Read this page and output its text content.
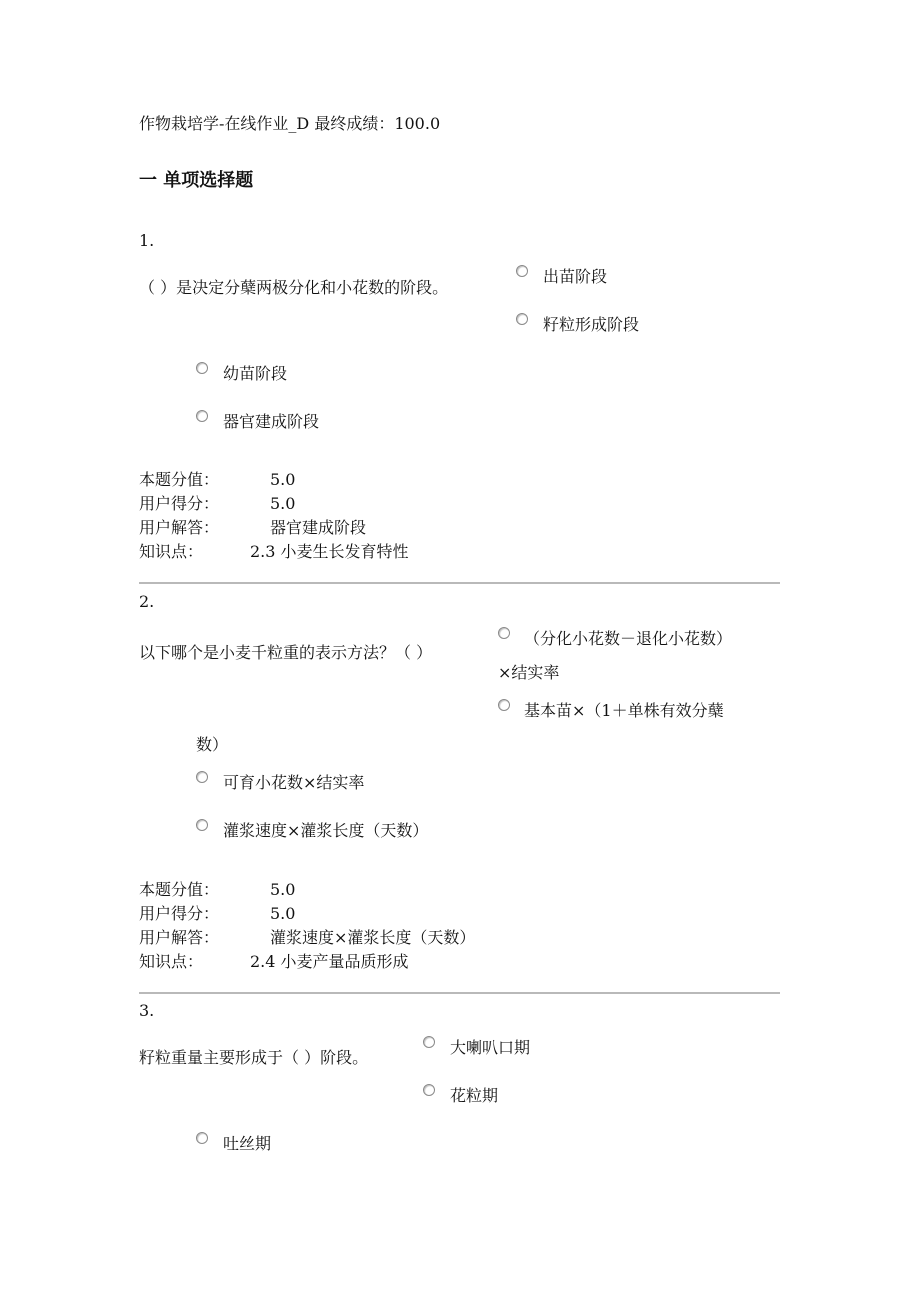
作物栽培学-在线作业_D 最终成绩：100.0
一 单项选择题
1.
（ ）是决定分蘖两极分化和小花数的阶段。
出苗阶段
籽粒形成阶段
幼苗阶段
器官建成阶段
本题分值：	5.0
用户得分：	5.0
用户解答：	器官建成阶段
知识点：	2.3 小麦生长发育特性
2.
以下哪个是小麦千粒重的表示方法？（ ）
（分化小花数－退化小花数）
×结实率
基本苗×（1＋单株有效分蘖
数）
可育小花数×结实率
灌浆速度×灌浆长度（天数）
本题分值：	5.0
用户得分：	5.0
用户解答：	灌浆速度×灌浆长度（天数）
知识点：	2.4 小麦产量品质形成
3.
籽粒重量主要形成于（ ）阶段。
大喇叭口期
花粒期
吐丝期
